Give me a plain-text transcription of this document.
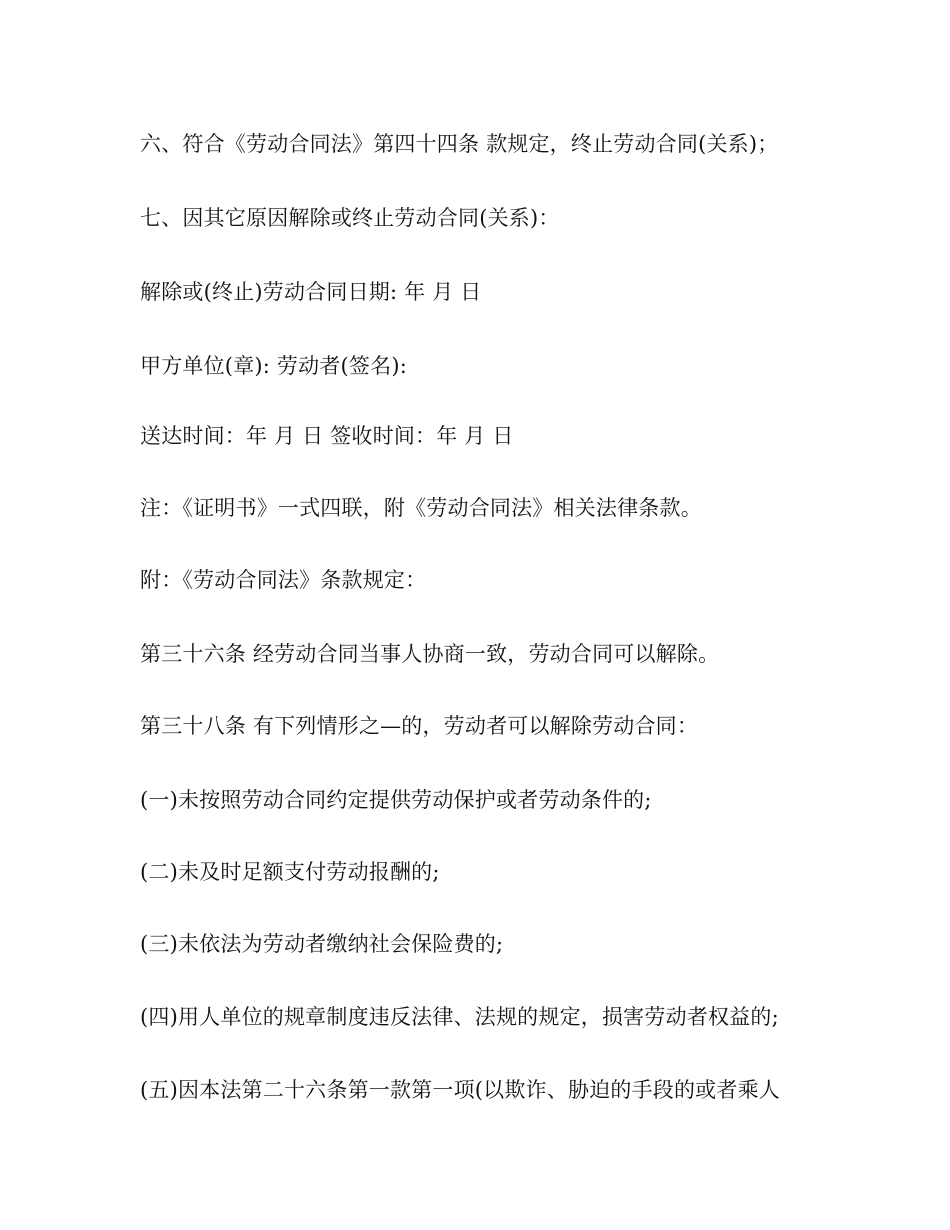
六、符合《劳动合同法》第四十四条 款规定，终止劳动合同(关系)；
七、因其它原因解除或终止劳动合同(关系)：
解除或(终止)劳动合同日期: 年 月 日
甲方单位(章): 劳动者(签名):
送达时间：年 月 日 签收时间：年 月 日
注：《证明书》一式四联，附《劳动合同法》相关法律条款。
附：《劳动合同法》条款规定：
第三十六条 经劳动合同当事人协商一致，劳动合同可以解除。
第三十八条 有下列情形之—的，劳动者可以解除劳动合同：
(一)未按照劳动合同约定提供劳动保护或者劳动条件的;
(二)未及时足额支付劳动报酬的;
(三)未依法为劳动者缴纳社会保险费的;
(四)用人单位的规章制度违反法律、法规的规定，损害劳动者权益的;
(五)因本法第二十六条第一款第一项(以欺诈、胁迫的手段的或者乘人
